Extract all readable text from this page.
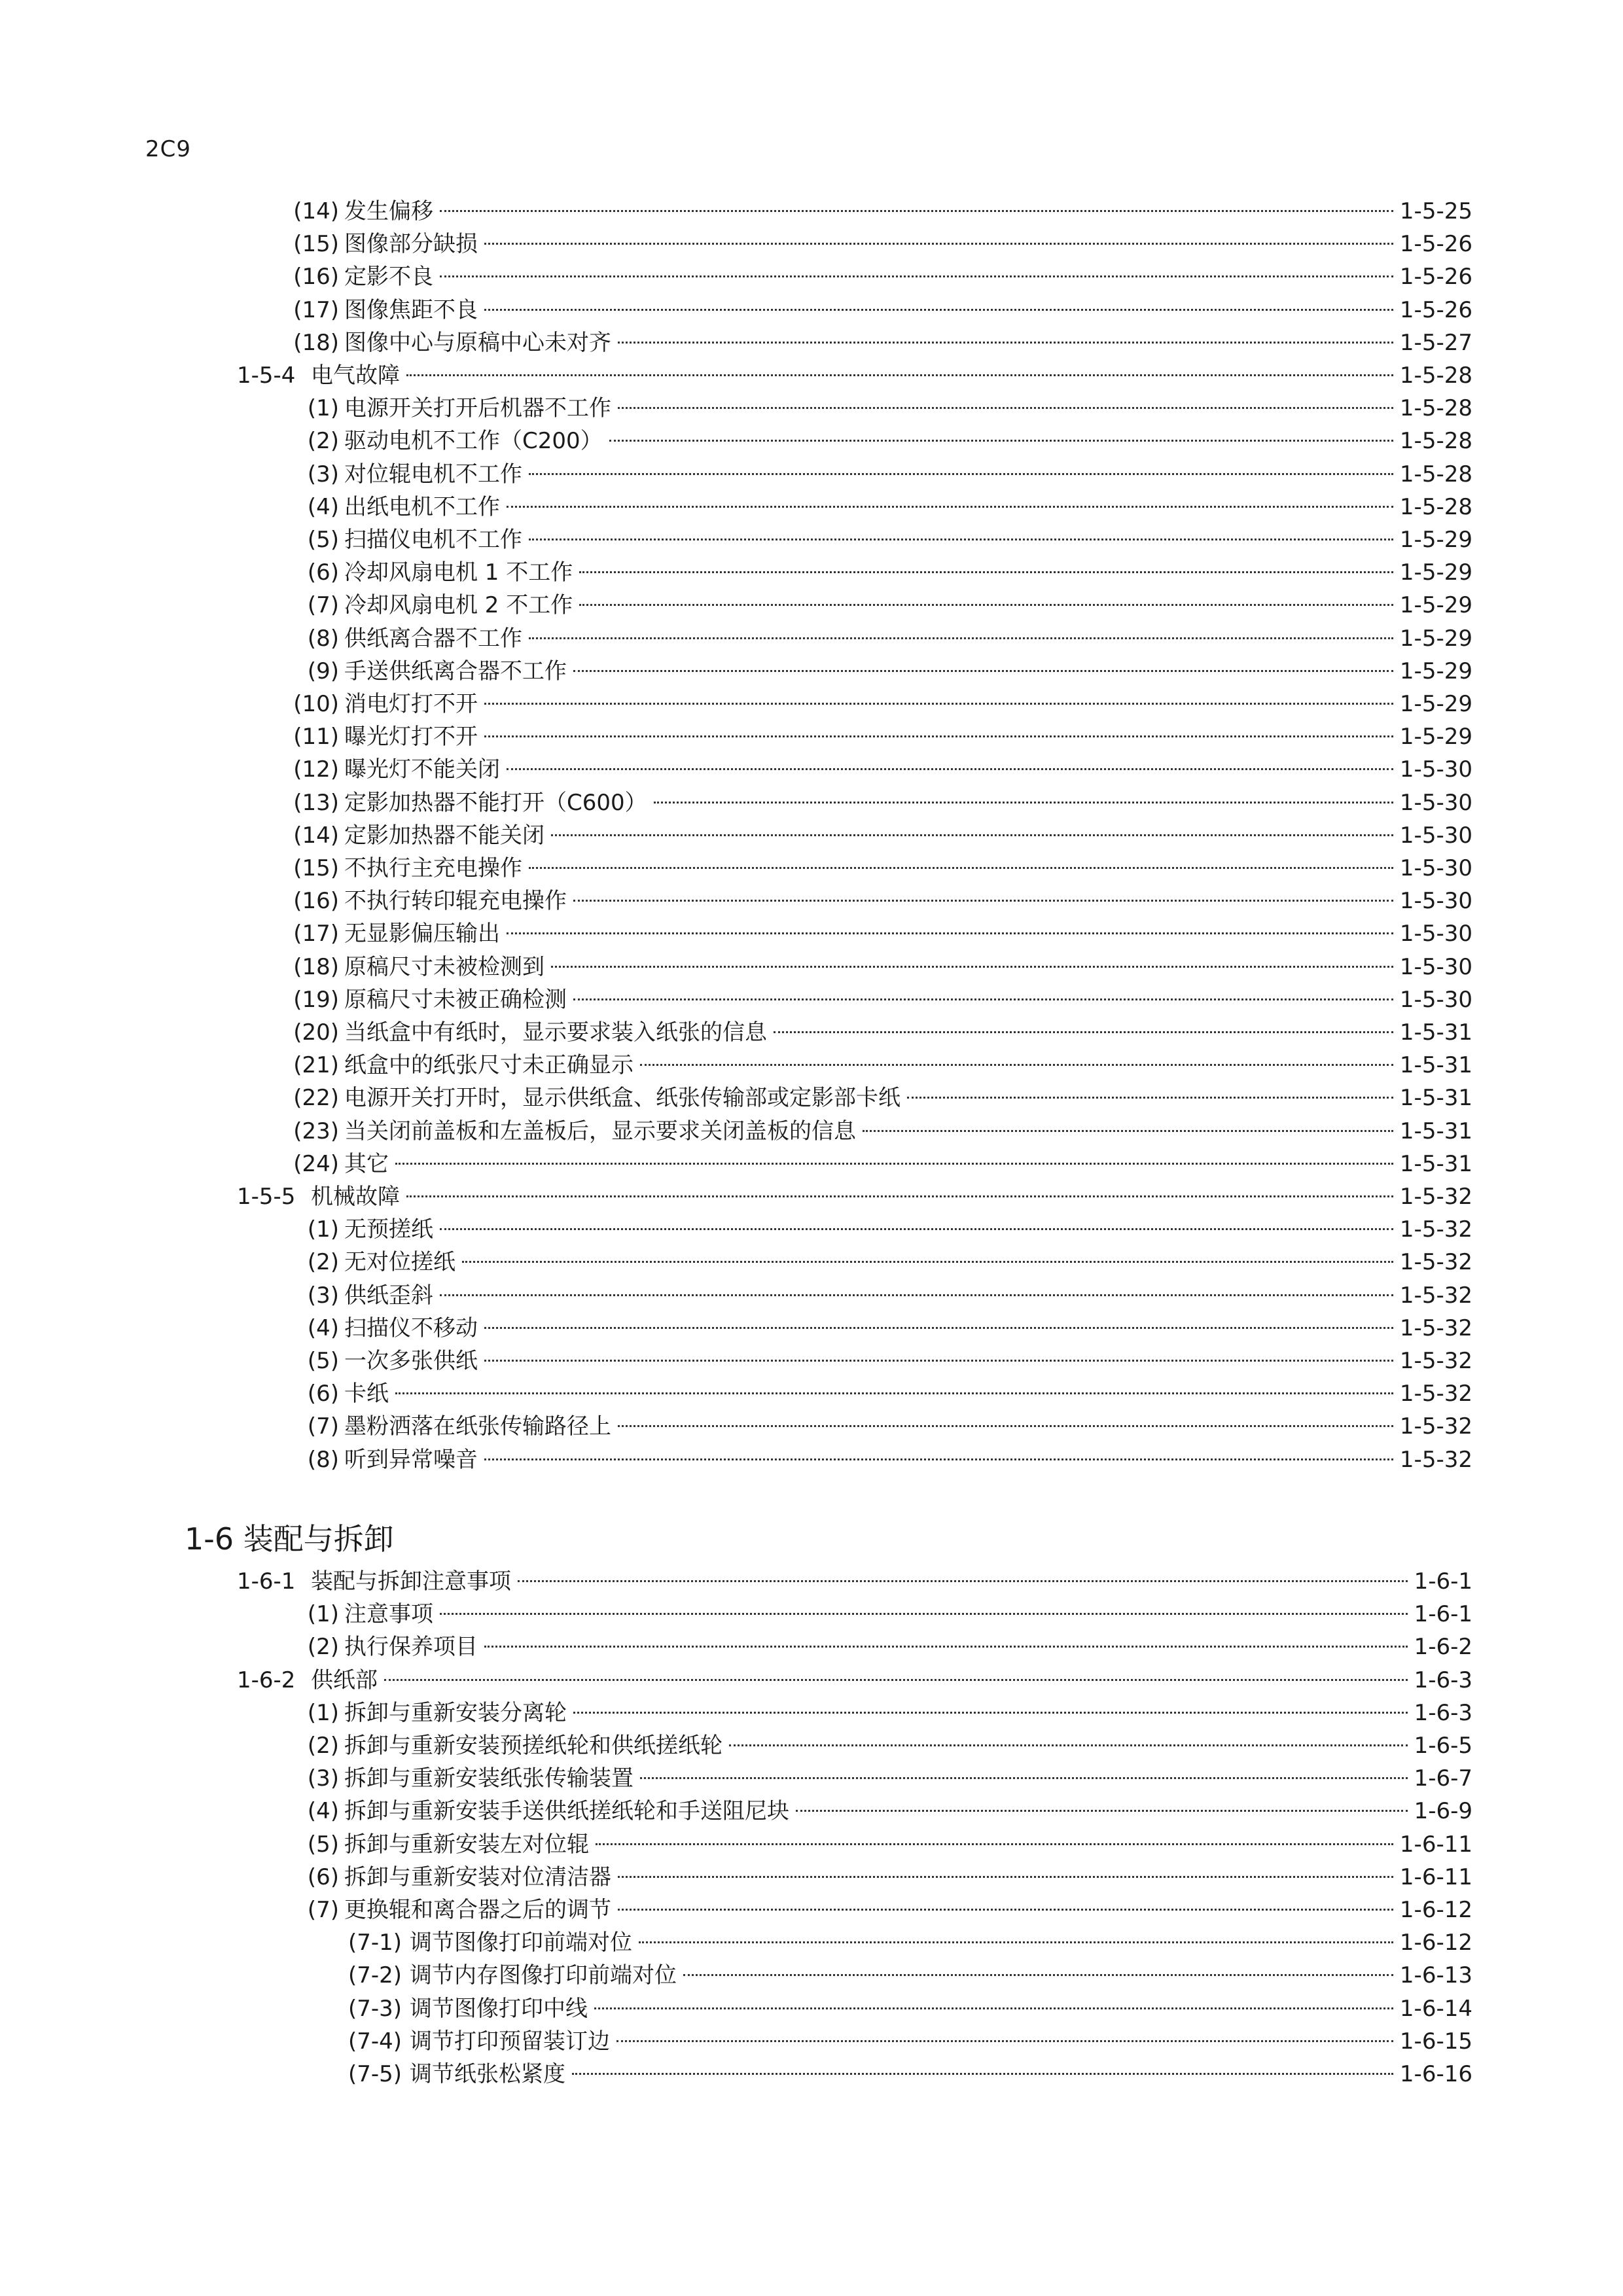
2C9
(14) 发生偏移	1-5-25
(15) 图像部分缺损	1-5-26
(16) 定影不良	1-5-26
(17) 图像焦距不良	1-5-26
(18) 图像中心与原稿中心未对齐	1-5-27
1-5-4 电气故障	1-5-28
(1) 电源开关打开后机器不工作	1-5-28
(2) 驱动电机不工作（C200）	1-5-28
(3) 对位辊电机不工作	1-5-28
(4) 出纸电机不工作	1-5-28
(5) 扫描仪电机不工作	1-5-29
(6) 冷却风扇电机 1 不工作	1-5-29
(7) 冷却风扇电机 2 不工作	1-5-29
(8) 供纸离合器不工作	1-5-29
(9) 手送供纸离合器不工作	1-5-29
(10) 消电灯打不开	1-5-29
(11) 曝光灯打不开	1-5-29
(12) 曝光灯不能关闭	1-5-30
(13) 定影加热器不能打开（C600）	1-5-30
(14) 定影加热器不能关闭	1-5-30
(15) 不执行主充电操作	1-5-30
(16) 不执行转印辊充电操作	1-5-30
(17) 无显影偏压输出	1-5-30
(18) 原稿尺寸未被检测到	1-5-30
(19) 原稿尺寸未被正确检测	1-5-30
(20) 当纸盒中有纸时，显示要求装入纸张的信息	1-5-31
(21) 纸盒中的纸张尺寸未正确显示	1-5-31
(22) 电源开关打开时，显示供纸盒、纸张传输部或定影部卡纸	1-5-31
(23) 当关闭前盖板和左盖板后，显示要求关闭盖板的信息	1-5-31
(24) 其它	1-5-31
1-5-5 机械故障	1-5-32
(1) 无预搓纸	1-5-32
(2) 无对位搓纸	1-5-32
(3) 供纸歪斜	1-5-32
(4) 扫描仪不移动	1-5-32
(5) 一次多张供纸	1-5-32
(6) 卡纸	1-5-32
(7) 墨粉洒落在纸张传输路径上	1-5-32
(8) 听到异常噪音	1-5-32
1-6-1 装配与拆卸注意事项	1-6-1
(1) 注意事项	1-6-1
(2) 执行保养项目	1-6-2
1-6-2 供纸部	1-6-3
(1) 拆卸与重新安装分离轮	1-6-3
(2) 拆卸与重新安装预搓纸轮和供纸搓纸轮	1-6-5
(3) 拆卸与重新安装纸张传输装置	1-6-7
(4) 拆卸与重新安装手送供纸搓纸轮和手送阻尼块	1-6-9
(5) 拆卸与重新安装左对位辊	1-6-11
(6) 拆卸与重新安装对位清洁器	1-6-11
(7) 更换辊和离合器之后的调节	1-6-12
(7-1) 调节图像打印前端对位	1-6-12
(7-2) 调节内存图像打印前端对位	1-6-13
(7-3) 调节图像打印中线	1-6-14
(7-4) 调节打印预留装订边	1-6-15
(7-5) 调节纸张松紧度	1-6-16
1-6 装配与拆卸
